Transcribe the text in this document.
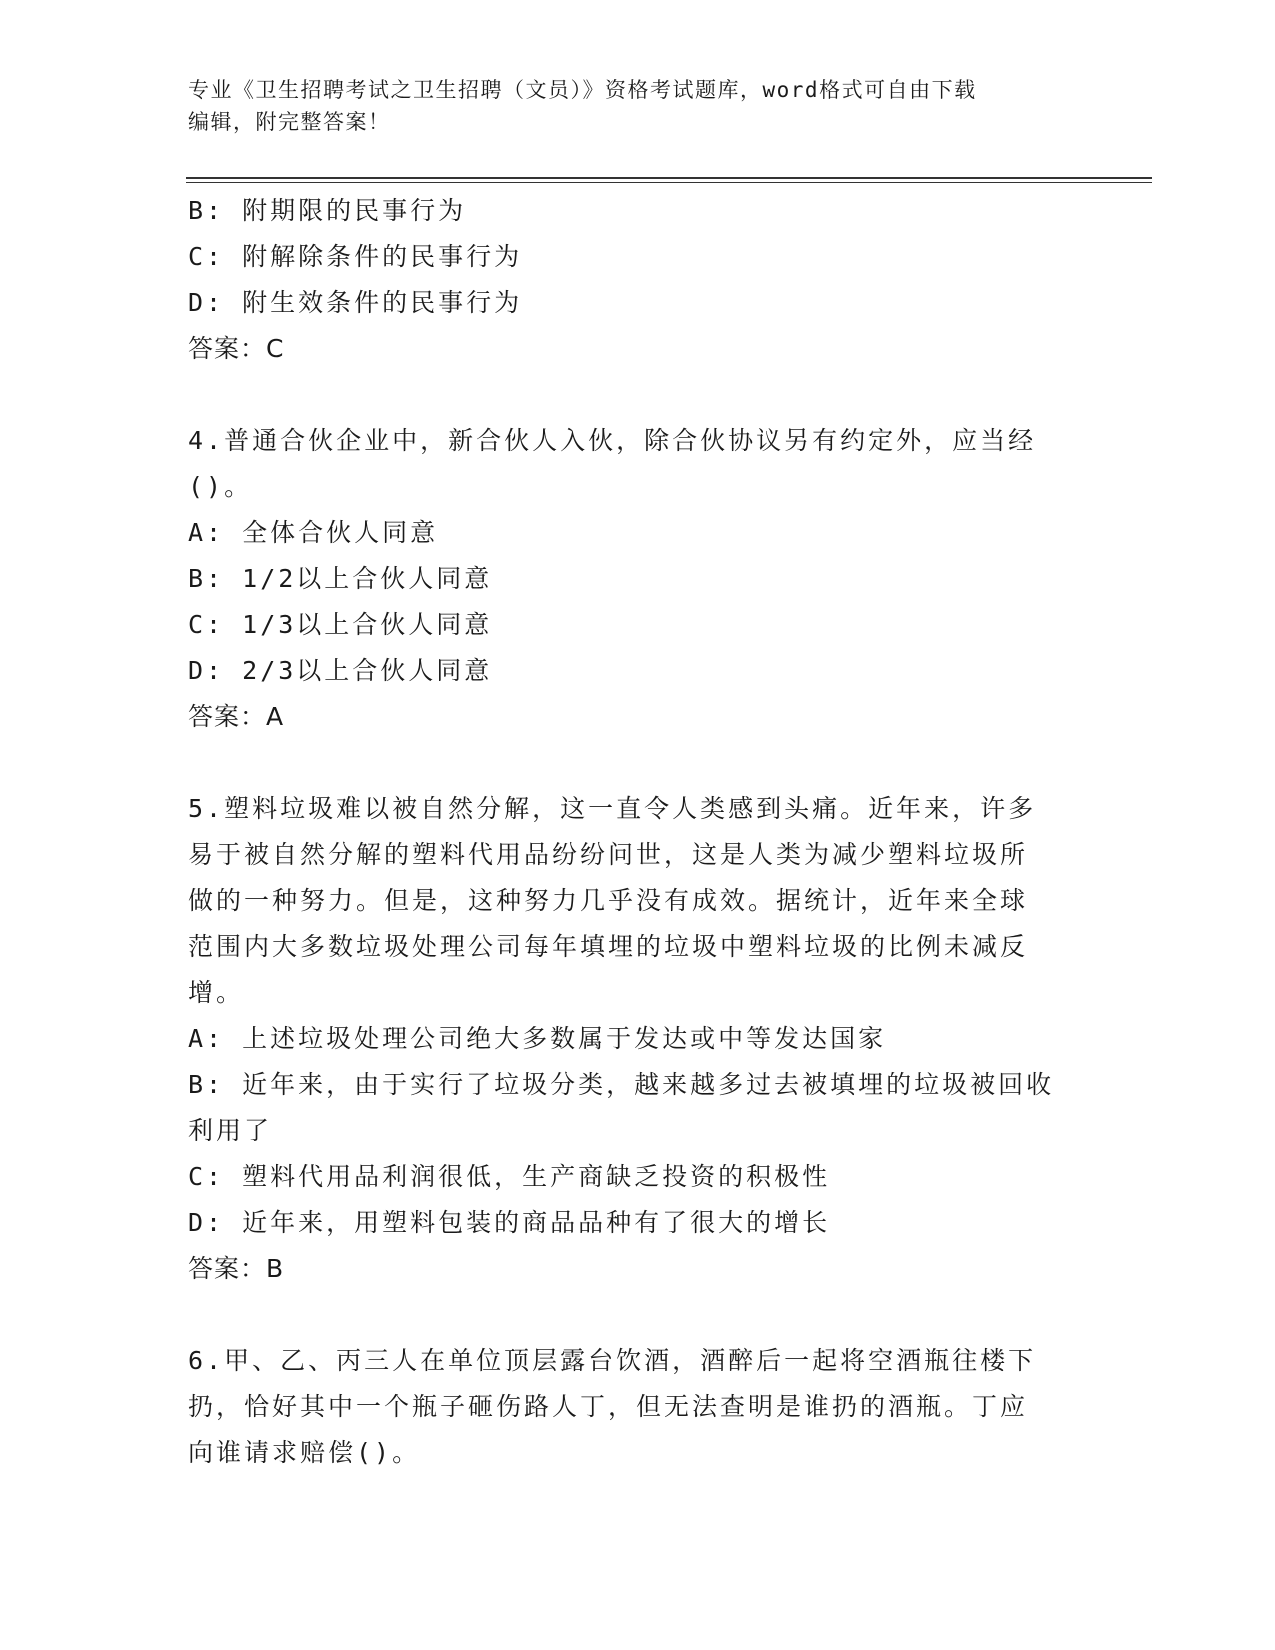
专业《卫生招聘考试之卫生招聘（文员）》资格考试题库，word格式可自由下载
编辑，附完整答案！
B: 附期限的民事行为
C: 附解除条件的民事行为
D: 附生效条件的民事行为
答案：C
4.普通合伙企业中，新合伙人入伙，除合伙协议另有约定外，应当经
()。
A: 全体合伙人同意
B: 1/2以上合伙人同意
C: 1/3以上合伙人同意
D: 2/3以上合伙人同意
答案：A
5.塑料垃圾难以被自然分解，这一直令人类感到头痛。近年来，许多
易于被自然分解的塑料代用品纷纷问世，这是人类为减少塑料垃圾所
做的一种努力。但是，这种努力几乎没有成效。据统计，近年来全球
范围内大多数垃圾处理公司每年填埋的垃圾中塑料垃圾的比例未减反
增。
A: 上述垃圾处理公司绝大多数属于发达或中等发达国家
B: 近年来，由于实行了垃圾分类，越来越多过去被填埋的垃圾被回收
利用了
C: 塑料代用品利润很低，生产商缺乏投资的积极性
D: 近年来，用塑料包装的商品品种有了很大的增长
答案：B
6.甲、乙、丙三人在单位顶层露台饮酒，酒醉后一起将空酒瓶往楼下
扔，恰好其中一个瓶子砸伤路人丁，但无法查明是谁扔的酒瓶。丁应
向谁请求赔偿()。
